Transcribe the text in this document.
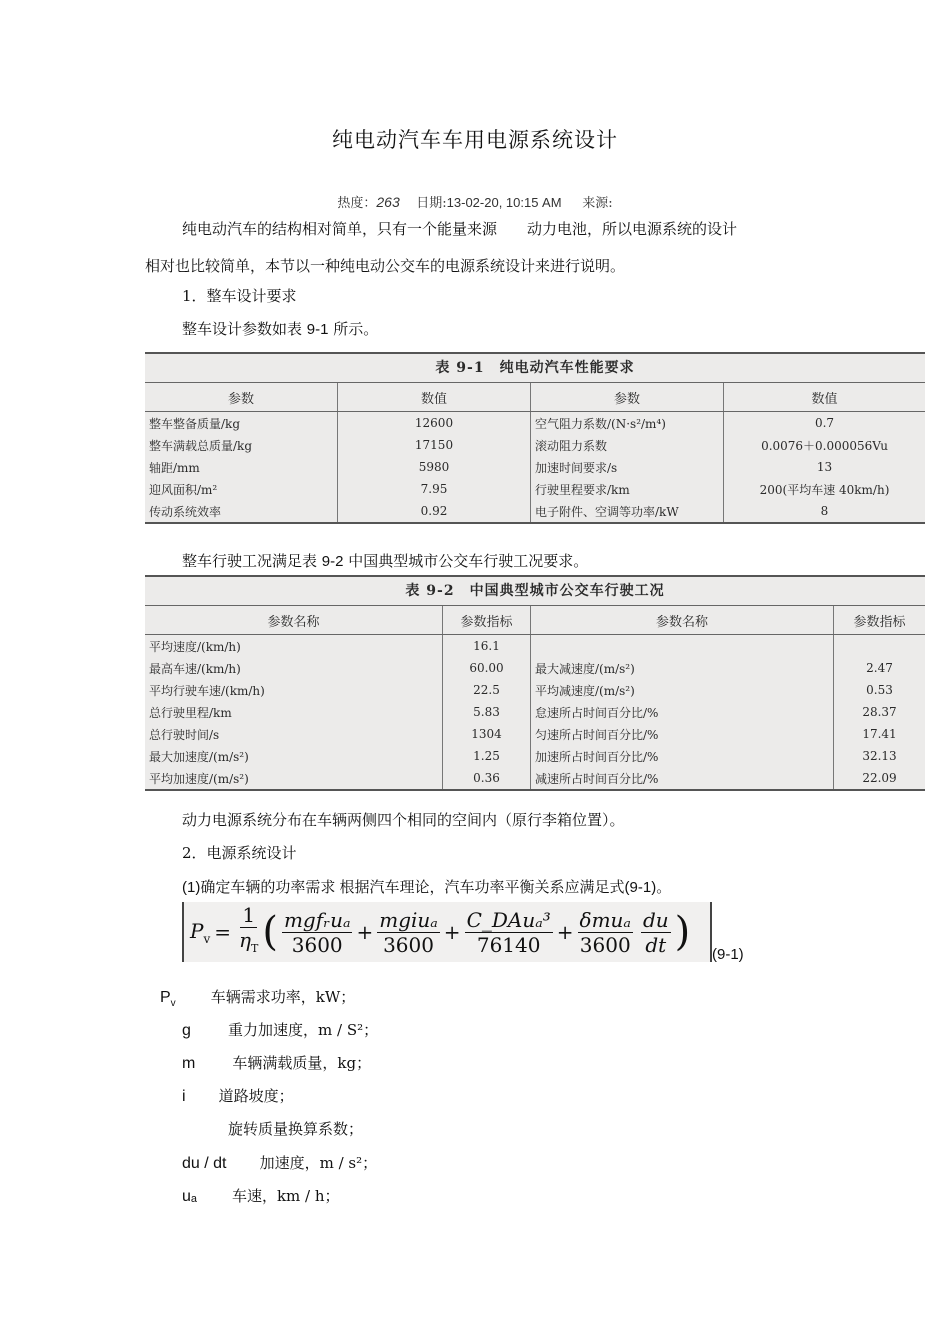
纯电动汽车车用电源系统设计
热度：263 日期:13-02-20, 10:15 AM 来源:
纯电动汽车的结构相对简单，只有一个能量来源　　动力电池，所以电源系统的设计
相对也比较简单，本节以一种纯电动公交车的电源系统设计来进行说明。
1．整车设计要求
整车设计参数如表 9-1 所示。
表 9-1　纯电动汽车性能要求
参数	数值	参数	数值
整车整备质量/kg	12600	空气阻力系数/(N·s²/m⁴)	0.7
整车满载总质量/kg	17150	滚动阻力系数	0.0076＋0.000056Vu
轴距/mm	5980	加速时间要求/s	13
迎风面积/m²	7.95	行驶里程要求/km	200(平均车速 40km/h)
传动系统效率	0.92	电子附件、空调等功率/kW	8
整车行驶工况满足表 9-2 中国典型城市公交车行驶工况要求。
表 9-2　中国典型城市公交车行驶工况
参数名称	参数指标	参数名称	参数指标
平均速度/(km/h)	16.1		
最高车速/(km/h)	60.00	最大减速度/(m/s²)	2.47
平均行驶车速/(km/h)	22.5	平均减速度/(m/s²)	0.53
总行驶里程/km	5.83	怠速所占时间百分比/%	28.37
总行驶时间/s	1304	匀速所占时间百分比/%	17.41
最大加速度/(m/s²)	1.25	加速所占时间百分比/%	32.13
平均加速度/(m/s²)	0.36	减速所占时间百分比/%	22.09
动力电源系统分布在车辆两侧四个相同的空间内（原行李箱位置）。
2．电源系统设计
(1)确定车辆的功率需求 根据汽车理论，汽车功率平衡关系应满足式(9-1)。
$P_v = \frac{1}{\eta_T}$ ( $\frac{\text{mgfᵣuₐ}}{3600} + \frac{\text{mgiuₐ}}{3600} + \frac{\text{C\_DAuₐ³}}{76140} + \frac{\text{δmuₐ}}{3600} \frac{du}{dt}$ ) (9-1)
$P_v$ 车辆需求功率，kW；
g 重力加速度，m / S²；
m 车辆满载质量，kg；
i 道路坡度；
旋转质量换算系数；
du / dt 加速度，m / s²；
uₐ 车速，km / h；
